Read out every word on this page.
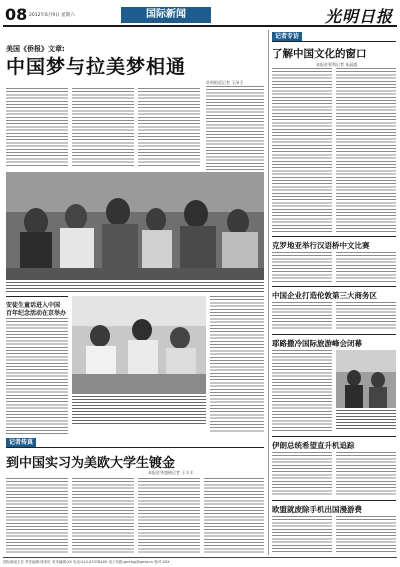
08 2012年6月9日 星期六	国际新闻	光明日报
美国《侨报》文章:
中国梦与拉美梦相通
驻阿根廷记者 王泽壬
安徒生童话进入中国
百年纪念活动在京举办
记者传真
到中国实习为美欧大学生镀金
本报驻华盛顿记者 王丰丰
记者专访
了解中国文化的窗口
本报驻智利记者 朱晶露
克罗地亚举行汉语桥中文比赛
中国企业打造伦敦第三大商务区
耶路撒冷国际旅游峰会闭幕
伊朗总统希望直升机追踪
欧盟就废除手机出国漫游费
国际新闻主任 责任编辑:席来旺 美术编辑:XX 电话:010-67078XXX 电子信箱:gmrbgj@gmw.cn 校对:XXX
